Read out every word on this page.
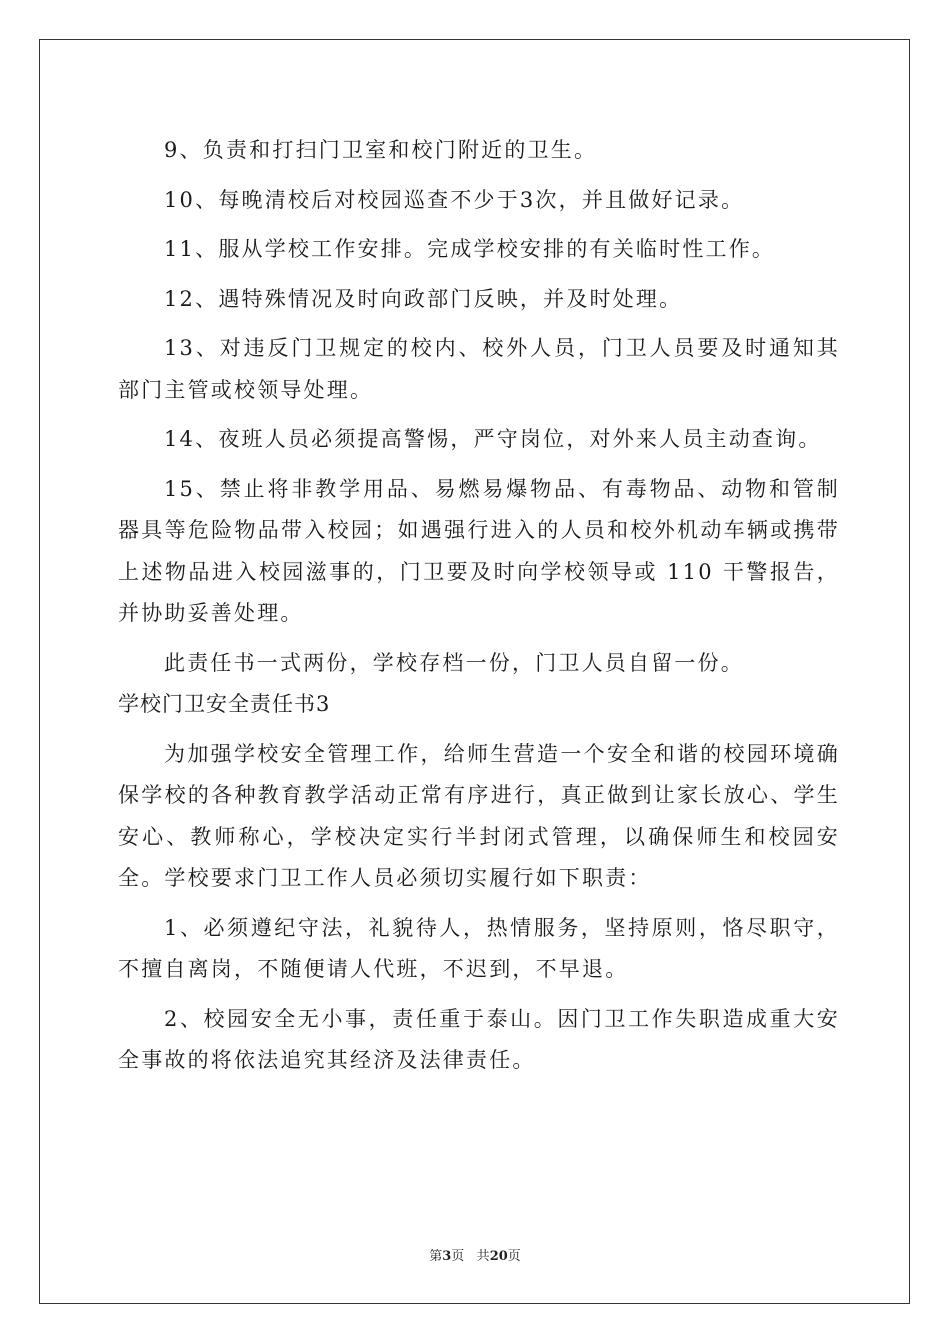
9、负责和打扫门卫室和校门附近的卫生。

10、每晚清校后对校园巡查不少于3次，并且做好记录。

11、服从学校工作安排。完成学校安排的有关临时性工作。

12、遇特殊情况及时向政部门反映，并及时处理。

13、对违反门卫规定的校内、校外人员，门卫人员要及时通知其部门主管或校领导处理。

14、夜班人员必须提高警惕，严守岗位，对外来人员主动查询。

15、禁止将非教学用品、易燃易爆物品、有毒物品、动物和管制器具等危险物品带入校园；如遇强行进入的人员和校外机动车辆或携带上述物品进入校园滋事的，门卫要及时向学校领导或 110 干警报告，并协助妥善处理。

此责任书一式两份，学校存档一份，门卫人员自留一份。

学校门卫安全责任书3

为加强学校安全管理工作，给师生营造一个安全和谐的校园环境确保学校的各种教育教学活动正常有序进行，真正做到让家长放心、学生安心、教师称心，学校决定实行半封闭式管理，以确保师生和校园安全。学校要求门卫工作人员必须切实履行如下职责：

1、必须遵纪守法，礼貌待人，热情服务，坚持原则，恪尽职守，不擅自离岗，不随便请人代班，不迟到，不早退。

2、校园安全无小事，责任重于泰山。因门卫工作失职造成重大安全事故的将依法追究其经济及法律责任。

第3页 共20页
